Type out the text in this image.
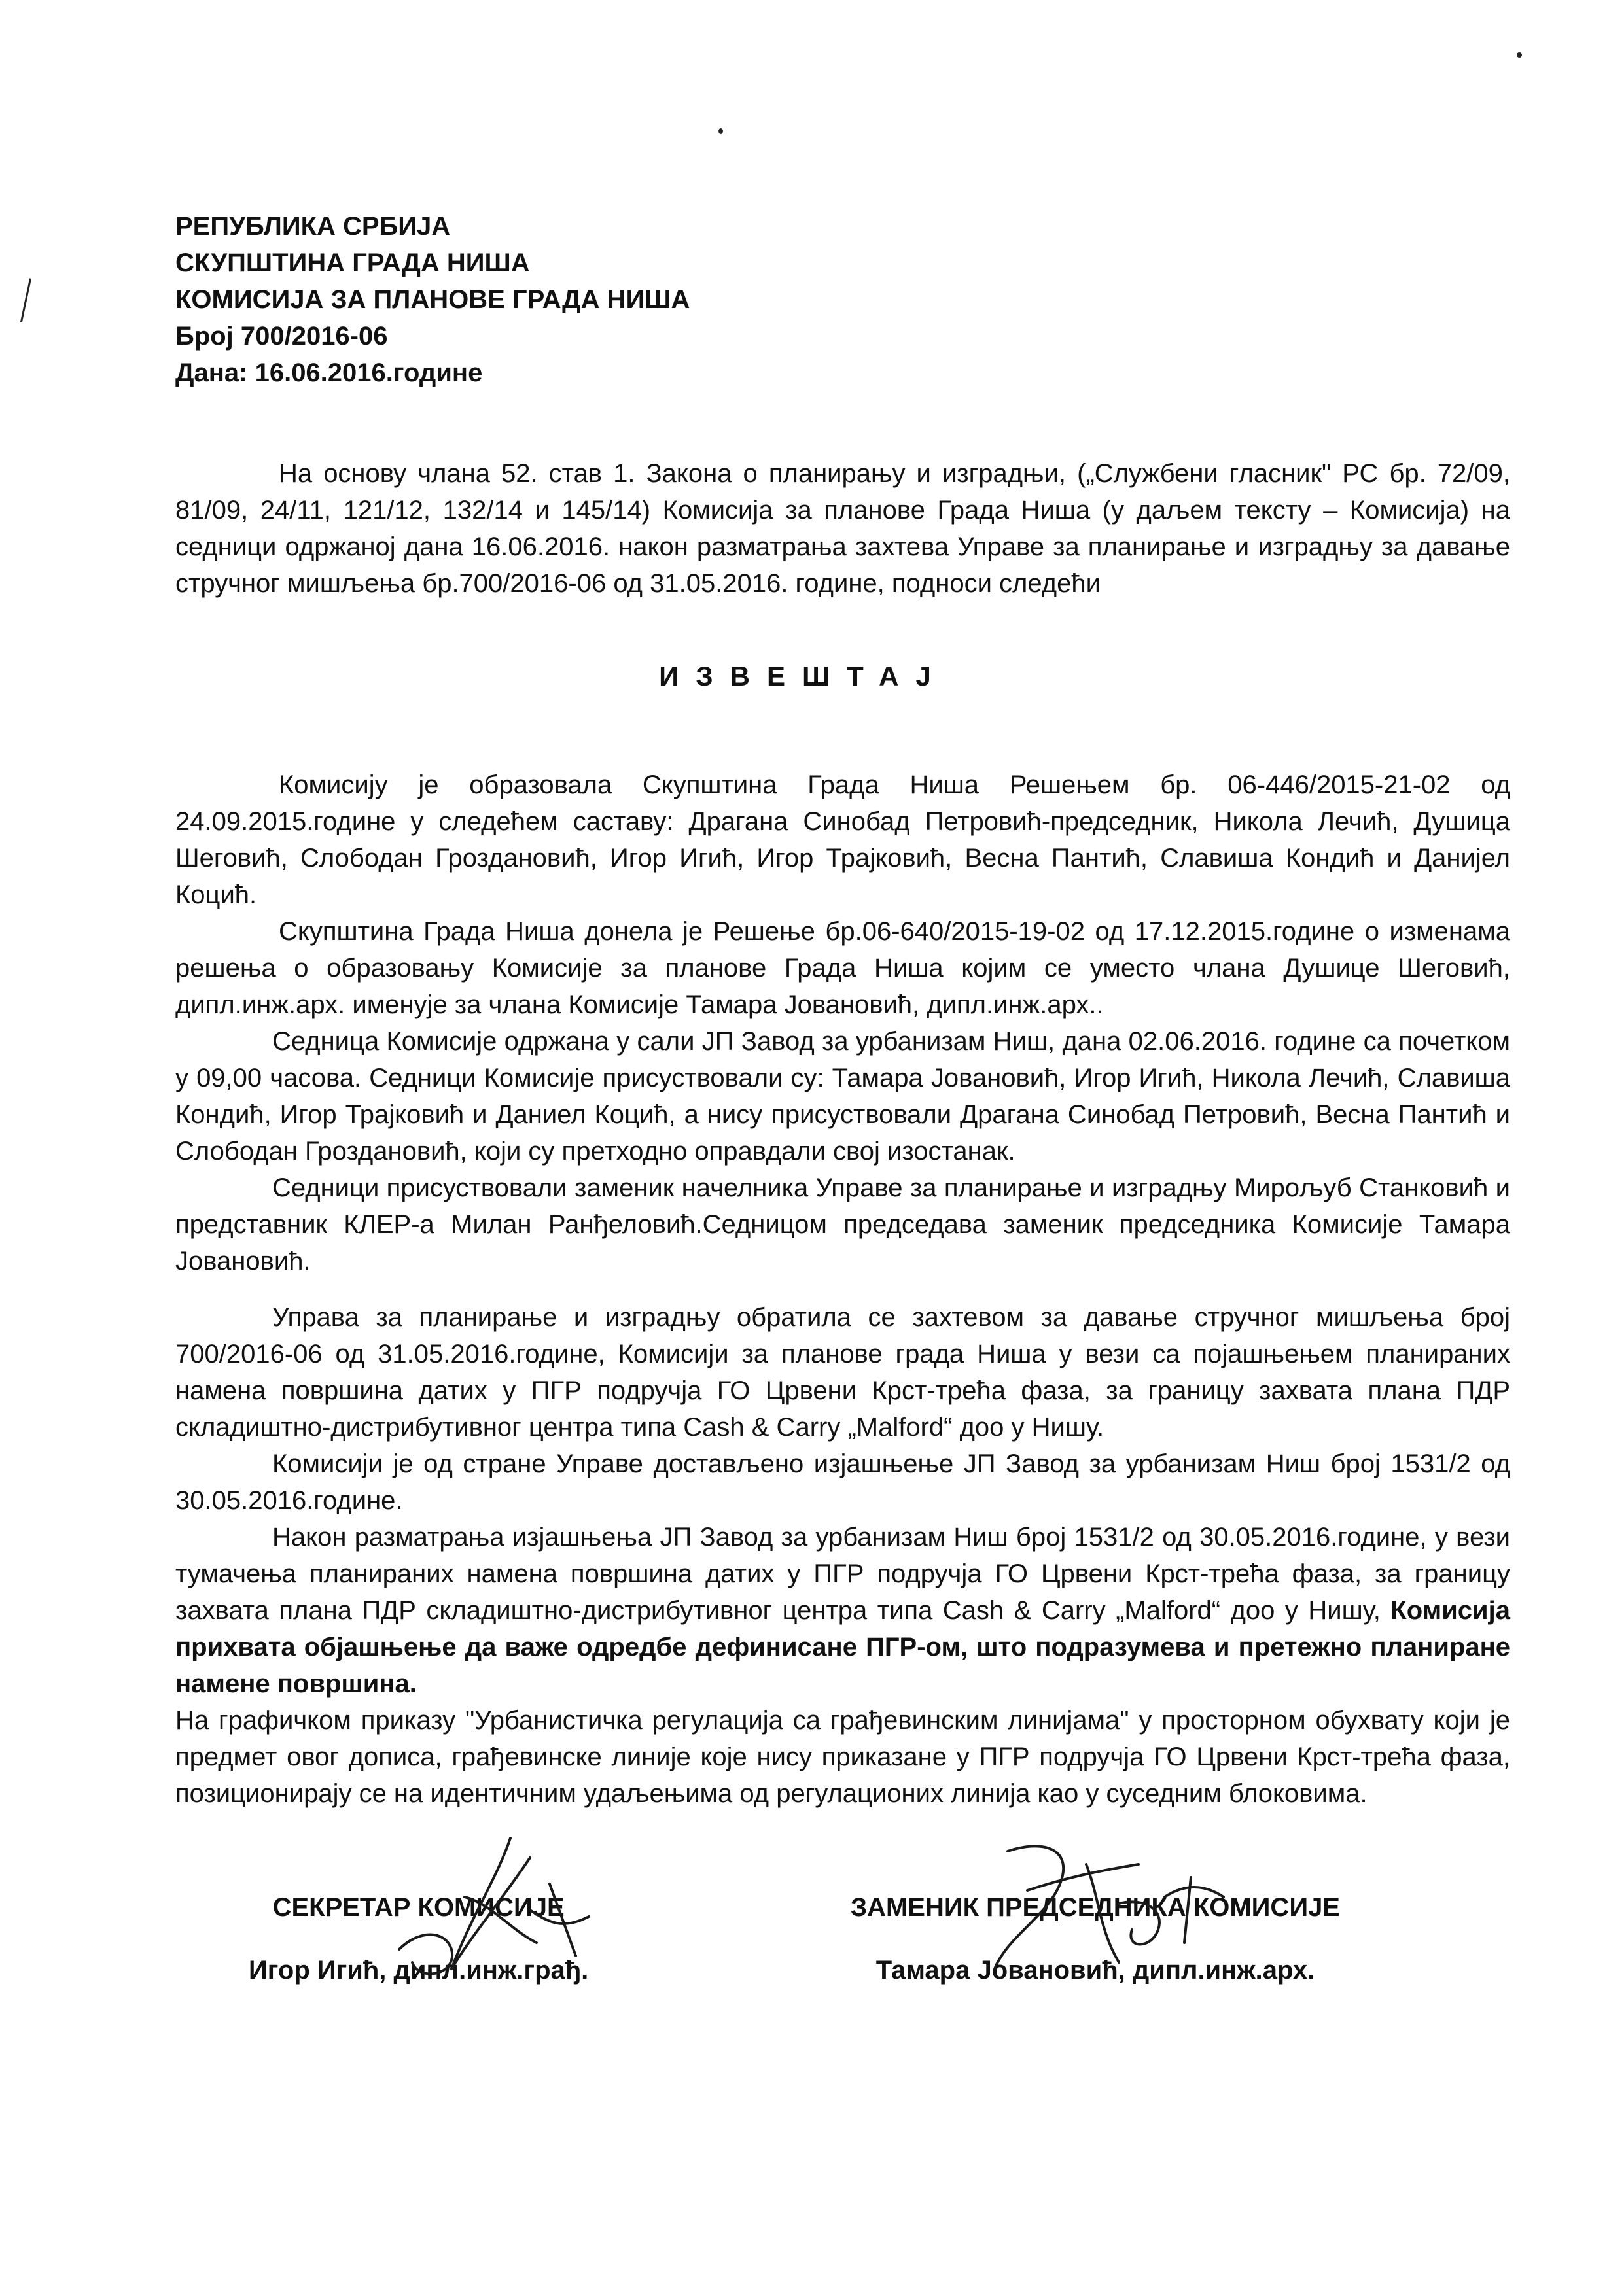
РЕПУБЛИКА СРБИЈА
СКУПШТИНА ГРАДА НИША
КОМИСИЈА ЗА ПЛАНОВЕ ГРАДА НИША
Број 700/2016-06
Дана: 16.06.2016.године

На основу члана 52. став 1. Закона о планирању и изградњи, („Службени гласник" РС бр. 72/09, 81/09, 24/11, 121/12, 132/14 и 145/14) Комисија за планове Града Ниша (у даљем тексту – Комисија) на седници одржаној дана 16.06.2016. након разматрања захтева Управе за планирање и изградњу за давање стручног мишљења бр.700/2016-06 од 31.05.2016. године, подноси следећи

ИЗВЕШТАЈ

Комисију је образовала Скупштина Града Ниша Решењем бр. 06-446/2015-21-02 од 24.09.2015.године у следећем саставу: Драгана Синобад Петровић-председник, Никола Лечић, Душица Шеговић, Слободан Гроздановић, Игор Игић, Игор Трајковић, Весна Пантић, Славиша Кондић и Данијел Коцић.

Скупштина Града Ниша донела је Решење бр.06-640/2015-19-02 од 17.12.2015.године о изменама решења о образовању Комисије за планове Града Ниша којим се уместо члана Душице Шеговић, дипл.инж.арх. именује за члана Комисије Тамара Јовановић, дипл.инж.арх..

Седница Комисије одржана у сали ЈП Завод за урбанизам Ниш, дана 02.06.2016. године са почетком у 09,00 часова. Седници Комисије присуствовали су: Тамара Јовановић, Игор Игић, Никола Лечић, Славиша Кондић, Игор Трајковић и Даниел Коцић, а нису присуствовали Драгана Синобад Петровић, Весна Пантић и Слободан Гроздановић, који су претходно оправдали свој изостанак.

Седници присуствовали заменик начелника Управе за планирање и изградњу Мирољуб Станковић и представник КЛЕР-а Милан Ранђеловић.Седницом председава заменик председника Комисије Тамара Јовановић.

Управа за планирање и изградњу обратила се захтевом за давање стручног мишљења број 700/2016-06 од 31.05.2016.године, Комисији за планове града Ниша у вези са појашњењем планираних намена површина датих у ПГР подручја ГО Црвени Крст-трећа фаза, за границу захвата плана ПДР складиштно-дистрибутивног центра типа Cash & Carry „Malford“ доо у Нишу.

Комисији је од стране Управе достављено изјашњење ЈП Завод за урбанизам Ниш број 1531/2 од 30.05.2016.године.

Након разматрања изјашњења ЈП Завод за урбанизам Ниш број 1531/2 од 30.05.2016.године, у вези тумачења планираних намена површина датих у ПГР подручја ГО Црвени Крст-трећа фаза, за границу захвата плана ПДР складиштно-дистрибутивног центра типа Cash & Carry „Malford“ доо у Нишу, Комисија прихвата објашњење да важе одредбе дефинисане ПГР-ом, што подразумева и претежно планиране намене површина.

На графичком приказу "Урбанистичка регулација са грађевинским линијама" у просторном обухвату који је предмет овог дописа, грађевинске линије које нису приказане у ПГР подручја ГО Црвени Крст-трећа фаза, позиционирају се на идентичним удаљењима од регулационих линија као у суседним блоковима.

СЕКРЕТАР КОМИСИЈЕ
Игор Игић, дипл.инж.грађ.
ЗАМЕНИК ПРЕДСЕДНИКА КОМИСИЈЕ
Тамара Јовановић, дипл.инж.арх.
